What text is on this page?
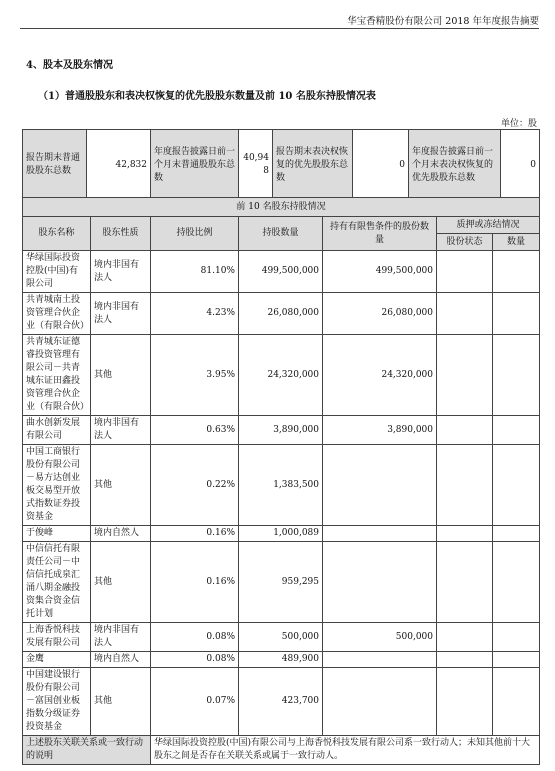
华宝香精股份有限公司 2018 年年度报告摘要
4、股本及股东情况
（1）普通股股东和表决权恢复的优先股股东数量及前 10 名股东持股情况表
单位：股
报告期末普通股股东总数	42,832	年度报告披露日前一个月末普通股股东总数	40,948	报告期末表决权恢复的优先股股东总数	0	年度报告披露日前一个月末表决权恢复的优先股股东总数	0
前 10 名股东持股情况						
股东名称	股东性质	持股比例	持股数量	持有有限售条件的股份数量	质押或冻结情况	
					股份状态	数量
华绿国际投资控股(中国)有限公司	境内非国有法人	81.10%	499,500,000	499,500,000		
共青城南土投资管理合伙企业（有限合伙）	境内非国有法人	4.23%	26,080,000	26,080,000		
共青城东证德睿投资管理有限公司－共青城东证田鑫投资管理合伙企业（有限合伙）	其他	3.95%	24,320,000	24,320,000		
曲水创新发展有限公司	境内非国有法人	0.63%	3,890,000	3,890,000		
中国工商银行股份有限公司－易方达创业板交易型开放式指数证券投资基金	其他	0.22%	1,383,500			
于俊峰	境内自然人	0.16%	1,000,089			
中信信托有限责任公司－中信信托成泉汇涌八期金融投资集合资金信托计划	其他	0.16%	959,295			
上海香悦科技发展有限公司	境内非国有法人	0.08%	500,000	500,000		
金鹰	境内自然人	0.08%	489,900			
中国建设银行股份有限公司－富国创业板指数分级证券投资基金	其他	0.07%	423,700			
上述股东关联关系或一致行动的说明		华绿国际投资控股(中国)有限公司与上海香悦科技发展有限公司系一致行动人；未知其他前十大股东之间是否存在关联关系或属于一致行动人。				
